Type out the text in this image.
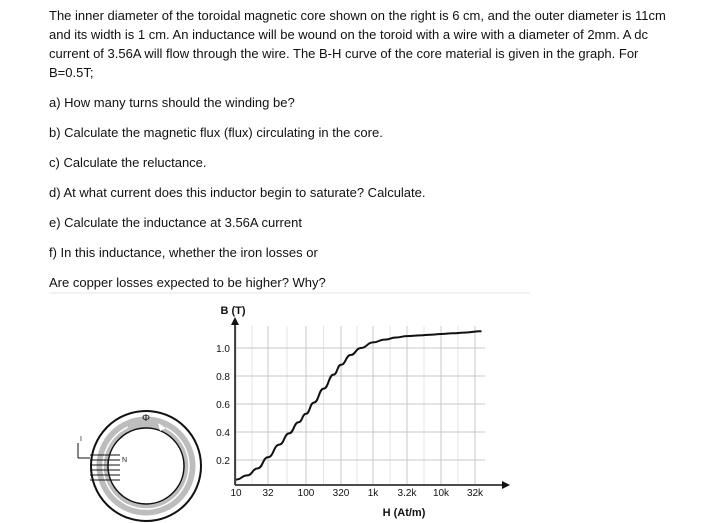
The inner diameter of the toroidal magnetic core shown on the right is 6 cm, and the outer diameter is 11cm and its width is 1 cm. An inductance will be wound on the toroid with a wire with a diameter of 2mm. A dc current of 3.56A will flow through the wire. The B-H curve of the core material is given in the graph. For B=0.5T;

a) How many turns should the winding be?

b) Calculate the magnetic flux (flux) circulating in the core.

c) Calculate the reluctance.

d) At what current does this inductor begin to saturate? Calculate.

e) Calculate the inductance at 3.56A current

f) In this inductance, whether the iron losses or

Are copper losses expected to be higher? Why?

Φ
I
N
1.0
0.8
0.6
0.4
0.2
10 32 100 320 1k 3.2k 10k 32k
B (T)
H (At/m)
